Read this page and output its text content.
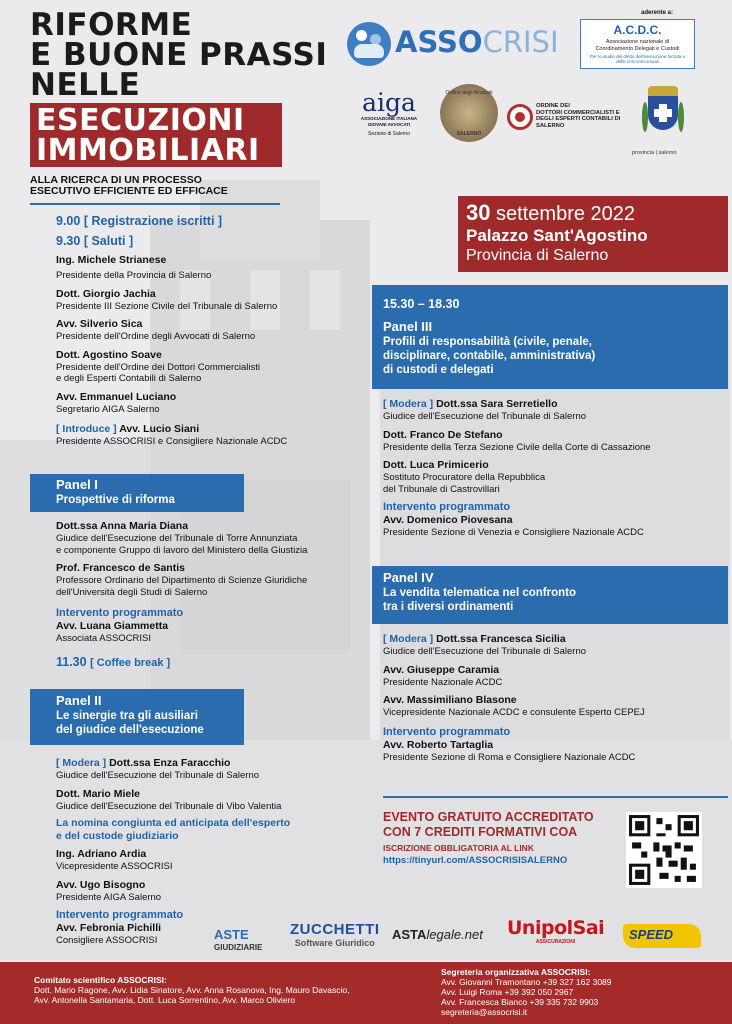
RIFORME
E BUONE PRASSI
NELLE
ESECUZIONI
IMMOBILIARI
ALLA RICERCA DI UN PROCESSO
ESECUTIVO EFFICIENTE ED EFFICACE
ASSOCRISI
aderente a:
A.C.D.C.
Associazione nazionale di Coordinamento Delegati e Custodi
Per lo studio del diritto dell'esecuzione forzata e delle crisi concorsuali
aiga
ASSOCIAZIONE ITALIANA
GIOVANI AVVOCATI
Sezione di Salerno
Ordine degli Avvocati
SALERNO
ORDINE DEI
DOTTORI COMMERCIALISTI E
DEGLI ESPERTI CONTABILI DI
SALERNO
provincia | salerno
30 settembre 2022
Palazzo Sant'Agostino
Provincia di Salerno
9.00 [ Registrazione iscritti ]
9.30 [ Saluti ]
Ing. Michele Strianese
Presidente della Provincia di Salerno
Dott. Giorgio Jachia
Presidente III Sezione Civile del Tribunale di Salerno
Avv. Silverio Sica
Presidente dell'Ordine degli Avvocati di Salerno
Dott. Agostino Soave
Presidente dell'Ordine dei Dottori Commercialisti
e degli Esperti Contabili di Salerno
Avv. Emmanuel Luciano
Segretario AIGA Salerno
[ Introduce ] Avv. Lucio Siani
Presidente ASSOCRISI e Consigliere Nazionale ACDC
Panel I
Prospettive di riforma
Dott.ssa Anna Maria Diana
Giudice dell'Esecuzione del Tribunale di Torre Annunziata
e componente Gruppo di lavoro del Ministero della Giustizia
Prof. Francesco de Santis
Professore Ordinario del Dipartimento di Scienze Giuridiche
dell'Università degli Studi di Salerno
Intervento programmato
Avv. Luana Giammetta
Associata ASSOCRISI
11.30 [ Coffee break ]
Panel II
Le sinergie tra gli ausiliari
del giudice dell'esecuzione
[ Modera ] Dott.ssa Enza Faracchio
Giudice dell'Esecuzione del Tribunale di Salerno
Dott. Mario Miele
Giudice dell'Esecuzione del Tribunale di Vibo Valentia
La nomina congiunta ed anticipata dell'esperto
e del custode giudiziario
Ing. Adriano Ardia
Vicepresidente ASSOCRISI
Avv. Ugo Bisogno
Presidente AIGA Salerno
Intervento programmato
Avv. Febronia Pichilli
Consigliere ASSOCRISI
15.30 – 18.30
Panel III
Profili di responsabilità (civile, penale,
disciplinare, contabile, amministrativa)
di custodi e delegati
[ Modera ] Dott.ssa Sara Serretiello
Giudice dell'Esecuzione del Tribunale di Salerno
Dott. Franco De Stefano
Presidente della Terza Sezione Civile della Corte di Cassazione
Dott. Luca Primicerio
Sostituto Procuratore della Repubblica
del Tribunale di Castrovillari
Intervento programmato
Avv. Domenico Piovesana
Presidente Sezione di Venezia e Consigliere Nazionale ACDC
Panel IV
La vendita telematica nel confronto
tra i diversi ordinamenti
[ Modera ] Dott.ssa Francesca Sicilia
Giudice dell'Esecuzione del Tribunale di Salerno
Avv. Giuseppe Caramia
Presidente Nazionale ACDC
Avv. Massimiliano Blasone
Vicepresidente Nazionale ACDC e consulente Esperto CEPEJ
Intervento programmato
Avv. Roberto Tartaglia
Presidente Sezione di Roma e Consigliere Nazionale ACDC
EVENTO GRATUITO ACCREDITATO
CON 7 CREDITI FORMATIVI COA
ISCRIZIONE OBBLIGATORIA AL LINK
https://tinyurl.com/ASSOCRISISALERNO
ASTE
GIUDIZIARIE
ZUCCHETTI
Software Giuridico
ASTAlegale.net UnipolSai
ASSICURAZIONI	SPEED
Comitato scientifico ASSOCRISI:
Dott. Mario Ragone, Avv. Lidia Sinatore, Avv. Anna Rosanova, Ing. Mauro Davascio,
Avv. Antonella Santamaria, Dott. Luca Sorrentino, Avv. Marco Oliviero
Segreteria organizzativa ASSOCRISI:
Avv. Giovanni Tramontano +39 327 162 3089
Avv. Luigi Roma +39 392 050 2967
Avv. Francesca Bianco +39 335 732 9903
segreteria@assocrisi.it
